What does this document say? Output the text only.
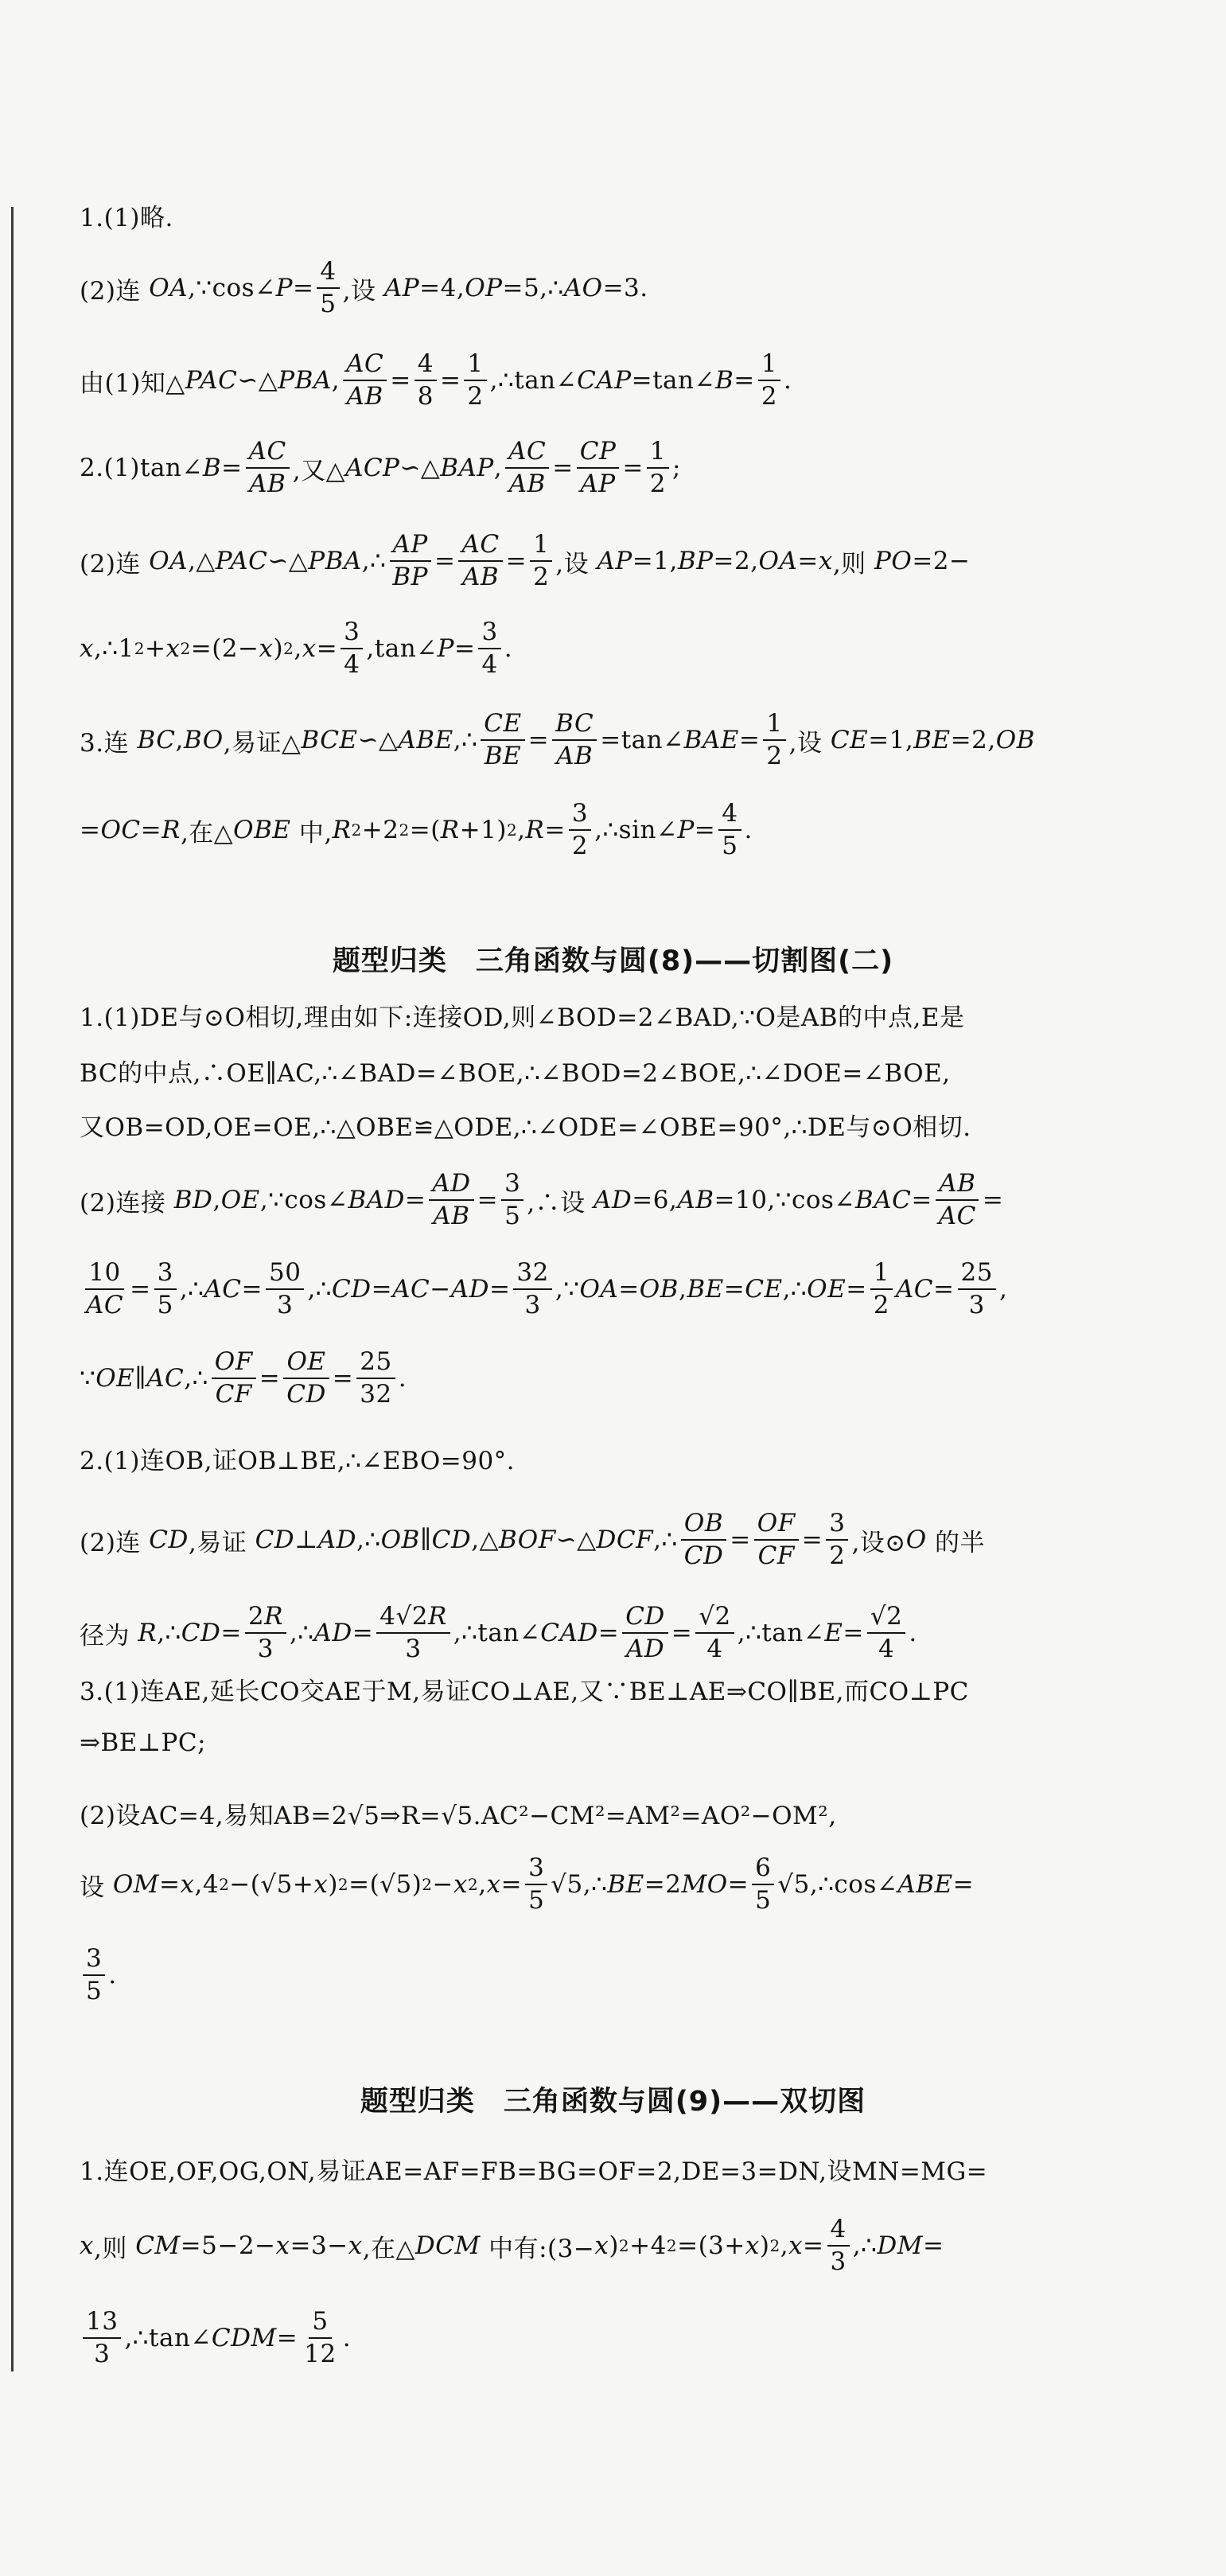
1.(1)略.
(2)连 OA ,∵cos∠ $P = \frac{4}{5}$ ,设 AP =4, OP =5,∴ AO =3.
由(1)知△ PAC ∽△ PBA , $\frac{AC}{AB} = \frac{4}{8} = \frac{1}{2}$ ,∴tan∠ CAP =tan∠ $B = \frac{1}{2}$ .
2.(1)tan∠ $B = \frac{AC}{AB}$ ,又△ ACP ∽△ BAP , $\frac{AC}{AB} = \frac{CP}{AP} = \frac{1}{2}$ ;
(2)连 OA ,△ PAC ∽△ PBA ,∴ $\frac{AP}{BP} = \frac{AC}{AB} = \frac{1}{2}$ ,设 AP =1, BP =2, OA = x ,则 PO =2−
x ,∴1 2 + x 2 =(2− x ) 2 , $x = \frac{3}{4}$ ,tan∠ $P = \frac{3}{4}$ .
3.连 BC , BO ,易证△ BCE ∽△ ABE ,∴ $\frac{CE}{BE} = \frac{BC}{AB}$ =tan∠ BAE = $\frac{1}{2}$ ,设 CE =1, BE =2, OB
= OC = R ,在△ OBE 中, R 2 +2 2 =( R +1) 2 , $R = \frac{3}{2}$ ,∴sin∠ $P = \frac{4}{5}$ .
题型归类　三角函数与圆(8)——切割图(二)
1.(1)DE与⊙O相切,理由如下:连接OD,则∠BOD=2∠BAD,∵O是AB的中点,E是
BC的中点,∴OE∥AC,∴∠BAD=∠BOE,∴∠BOD=2∠BOE,∴∠DOE=∠BOE,
又OB=OD,OE=OE,∴△OBE≌△ODE,∴∠ODE=∠OBE=90°,∴DE与⊙O相切.
(2)连接 BD , OE ,∵cos∠ BAD = $\frac{AD}{AB} = \frac{3}{5}$ ,∴设 AD =6, AB =10,∵cos∠ BAC = $\frac{AB}{AC}$ =
$\frac{10}{AC} = \frac{3}{5}$ ,∴ AC = $\frac{50}{3}$ ,∴ CD = AC − AD = $\frac{32}{3}$ ,∵ OA = OB , BE = CE ,∴ OE = $\frac{1}{2}$ AC = $\frac{25}{3}$ ,
∵ OE ∥ AC ,∴ $\frac{OF}{CF} = \frac{OE}{CD} = \frac{25}{32}$ .
2.(1)连OB,证OB⊥BE,∴∠EBO=90°.
(2)连 CD ,易证 CD ⊥ AD ,∴ OB ∥ CD ,△ BOF ∽△ DCF ,∴ $\frac{OB}{CD} = \frac{OF}{CF} = \frac{3}{2}$ ,设⊙ O 的半
径为 R ,∴ CD = $\frac{2R}{3}$ ,∴ AD = $\frac{4√2R}{3}$ ,∴tan∠ CAD = $\frac{CD}{AD} = \frac{√2}{4}$ ,∴tan∠ $E = \frac{√2}{4}$ .
3.(1)连AE,延长CO交AE于M,易证CO⊥AE,又∵BE⊥AE⇒CO∥BE,而CO⊥PC
⇒BE⊥PC;
(2)设AC=4,易知AB=2√5⇒R=√5.AC²−CM²=AM²=AO²−OM²,
设 OM = x ,4 2 −(√5+ x ) 2 =(√5) 2 − x 2 , $x = \frac{3}{5}$ √5,∴ BE =2 MO = $\frac{6}{5}$ √5,∴cos∠ ABE =
$\frac{3}{5}$ .
题型归类　三角函数与圆(9)——双切图
1.连OE,OF,OG,ON,易证AE=AF=FB=BG=OF=2,DE=3=DN,设MN=MG=
x ,则 CM =5−2− x =3− x ,在△ DCM 中有:(3− x ) 2 +4 2 =(3+ x ) 2 , $x = \frac{4}{3}$ ,∴ DM =
$\frac{13}{3}$ ,∴tan∠ CDM = $\frac{5}{12}$ .
